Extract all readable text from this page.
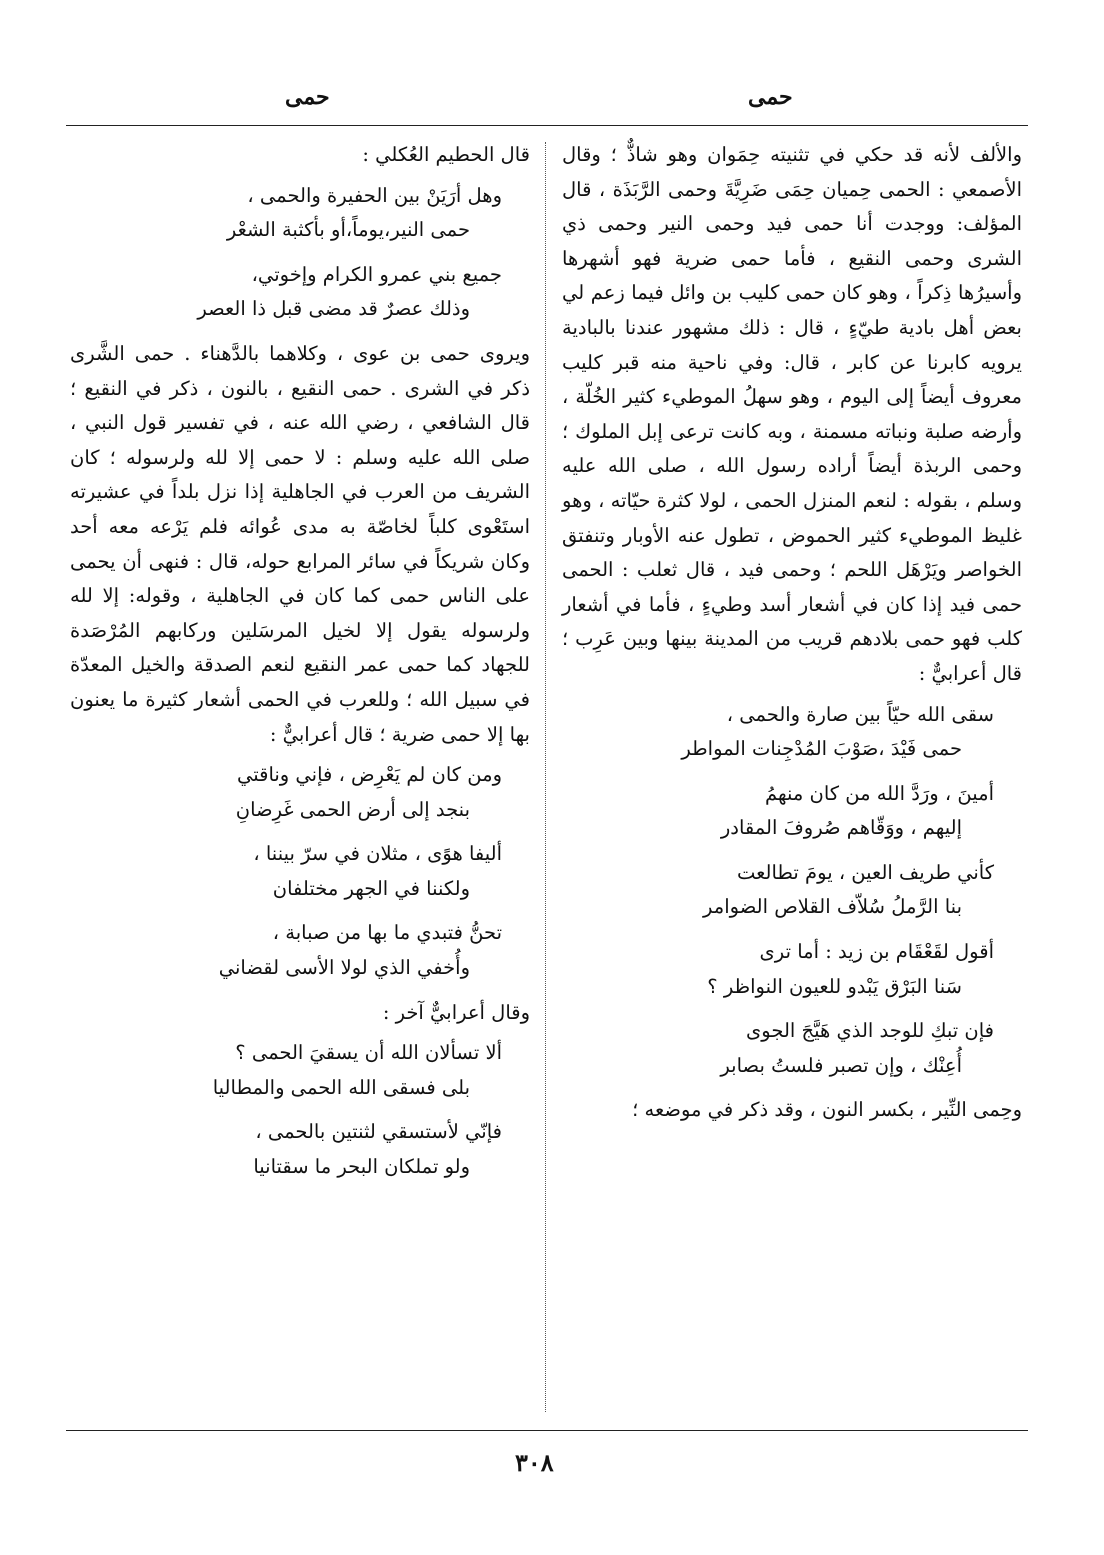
حمى
حمى

والألف لأنه قد حكي في تثنيته حِمَوان وهو شاذٌّ ؛ وقال الأصمعي : الحمى حِميان حِمَى ضَرِيَّةَ وحمى الرَّبَذَة ، قال المؤلف: ووجدت أنا حمى فيد وحمى النير وحمى ذي الشرى وحمى النقيع ، فأما حمى ضرية فهو أشهرها وأسيرُها ذِكراً ، وهو كان حمى كليب بن وائل فيما زعم لي بعض أهل بادية طيّءٍ ، قال : ذلك مشهور عندنا بالبادية يرويه كابرنا عن كابر ، قال: وفي ناحية منه قبر كليب معروف أيضاً إلى اليوم ، وهو سهلُ الموطيء كثير الخُلّة ، وأرضه صلبة ونباته مسمنة ، وبه كانت ترعى إبل الملوك ؛ وحمى الربذة أيضاً أراده رسول الله ، صلى الله عليه وسلم ، بقوله : لنعم المنزل الحمى ، لولا كثرة حيّاته ، وهو غليظ الموطيء كثير الحموض ، تطول عنه الأوبار وتنفتق الخواصر ويَرْهَل اللحم ؛ وحمى فيد ، قال ثعلب : الحمى حمى فيد إذا كان في أشعار أسد وطيءٍ ، فأما في أشعار كلب فهو حمى بلادهم قريب من المدينة بينها وبين عَرِب ؛ قال أعرابيٌّ :

سقى الله حيّاً بين صارة والحمى ،
حمى فَيْدَ ،صَوْبَ المُدْجِنات المواطر
أمينَ ، ورَدَّ الله من كان منهمُ
إليهم ، ووَقّاهم صُروفَ المقادر
كأني طريف العين ، يومَ تطالعت
بنا الرَّملُ سُلاّف القلاص الضوامر
أقول لقَعْقَام بن زيد : أما ترى
سَنا البَرْق يَبْدو للعيون النواظر ؟
فإن تبكِ للوجد الذي هَيَّجَ الجوى
أُعِنْك ، وإن تصبر فلستُ بصابر

وحِمى النِّير ، بكسر النون ، وقد ذكر في موضعه ؛

قال الحطيم العُكلي :

وهل أرَيَنْ بين الحفيرة والحمى ،
حمى النير،يوماً،أو بأكثبة الشعْر
جميع بني عمرو الكرام وإخوتي،
وذلك عصرٌ قد مضى قبل ذا العصر

ويروى حمى بن عوى ، وكلاهما بالدَّهناء . حمى الشَّرى ذكر في الشرى . حمى النقيع ، بالنون ، ذكر في النقيع ؛ قال الشافعي ، رضي الله عنه ، في تفسير قول النبي ، صلى الله عليه وسلم : لا حمى إلا لله ولرسوله ؛ كان الشريف من العرب في الجاهلية إذا نزل بلداً في عشيرته استَعْوى كلباً لخاصّة به مدى عُوائه فلم يَرْعه معه أحد وكان شريكاً في سائر المرابع حوله، قال : فنهى أن يحمى على الناس حمى كما كان في الجاهلية ، وقوله: إلا لله ولرسوله يقول إلا لخيل المرسَلين وركابهم المُرْصَدة للجهاد كما حمى عمر النقيع لنعم الصدقة والخيل المعدّة في سبيل الله ؛ وللعرب في الحمى أشعار كثيرة ما يعنون بها إلا حمى ضرية ؛ قال أعرابيٌّ :

ومن كان لم يَعْرِض ، فإني وناقتي
بنجد إلى أرض الحمى غَرِضانِ
أليفا هوًى ، مثلان في سرّ بيننا ،
ولكننا في الجهر مختلفان
تحنُّ فتبدي ما بها من صبابة ،
وأُخفي الذي لولا الأسى لقضاني

وقال أعرابيٌّ آخر :

ألا تسألان الله أن يسقيَ الحمى ؟
بلى فسقى الله الحمى والمطاليا
فإنّي لأستسقي لثنتين بالحمى ،
ولو تملكان البحر ما سقتانيا
٣٠٨
